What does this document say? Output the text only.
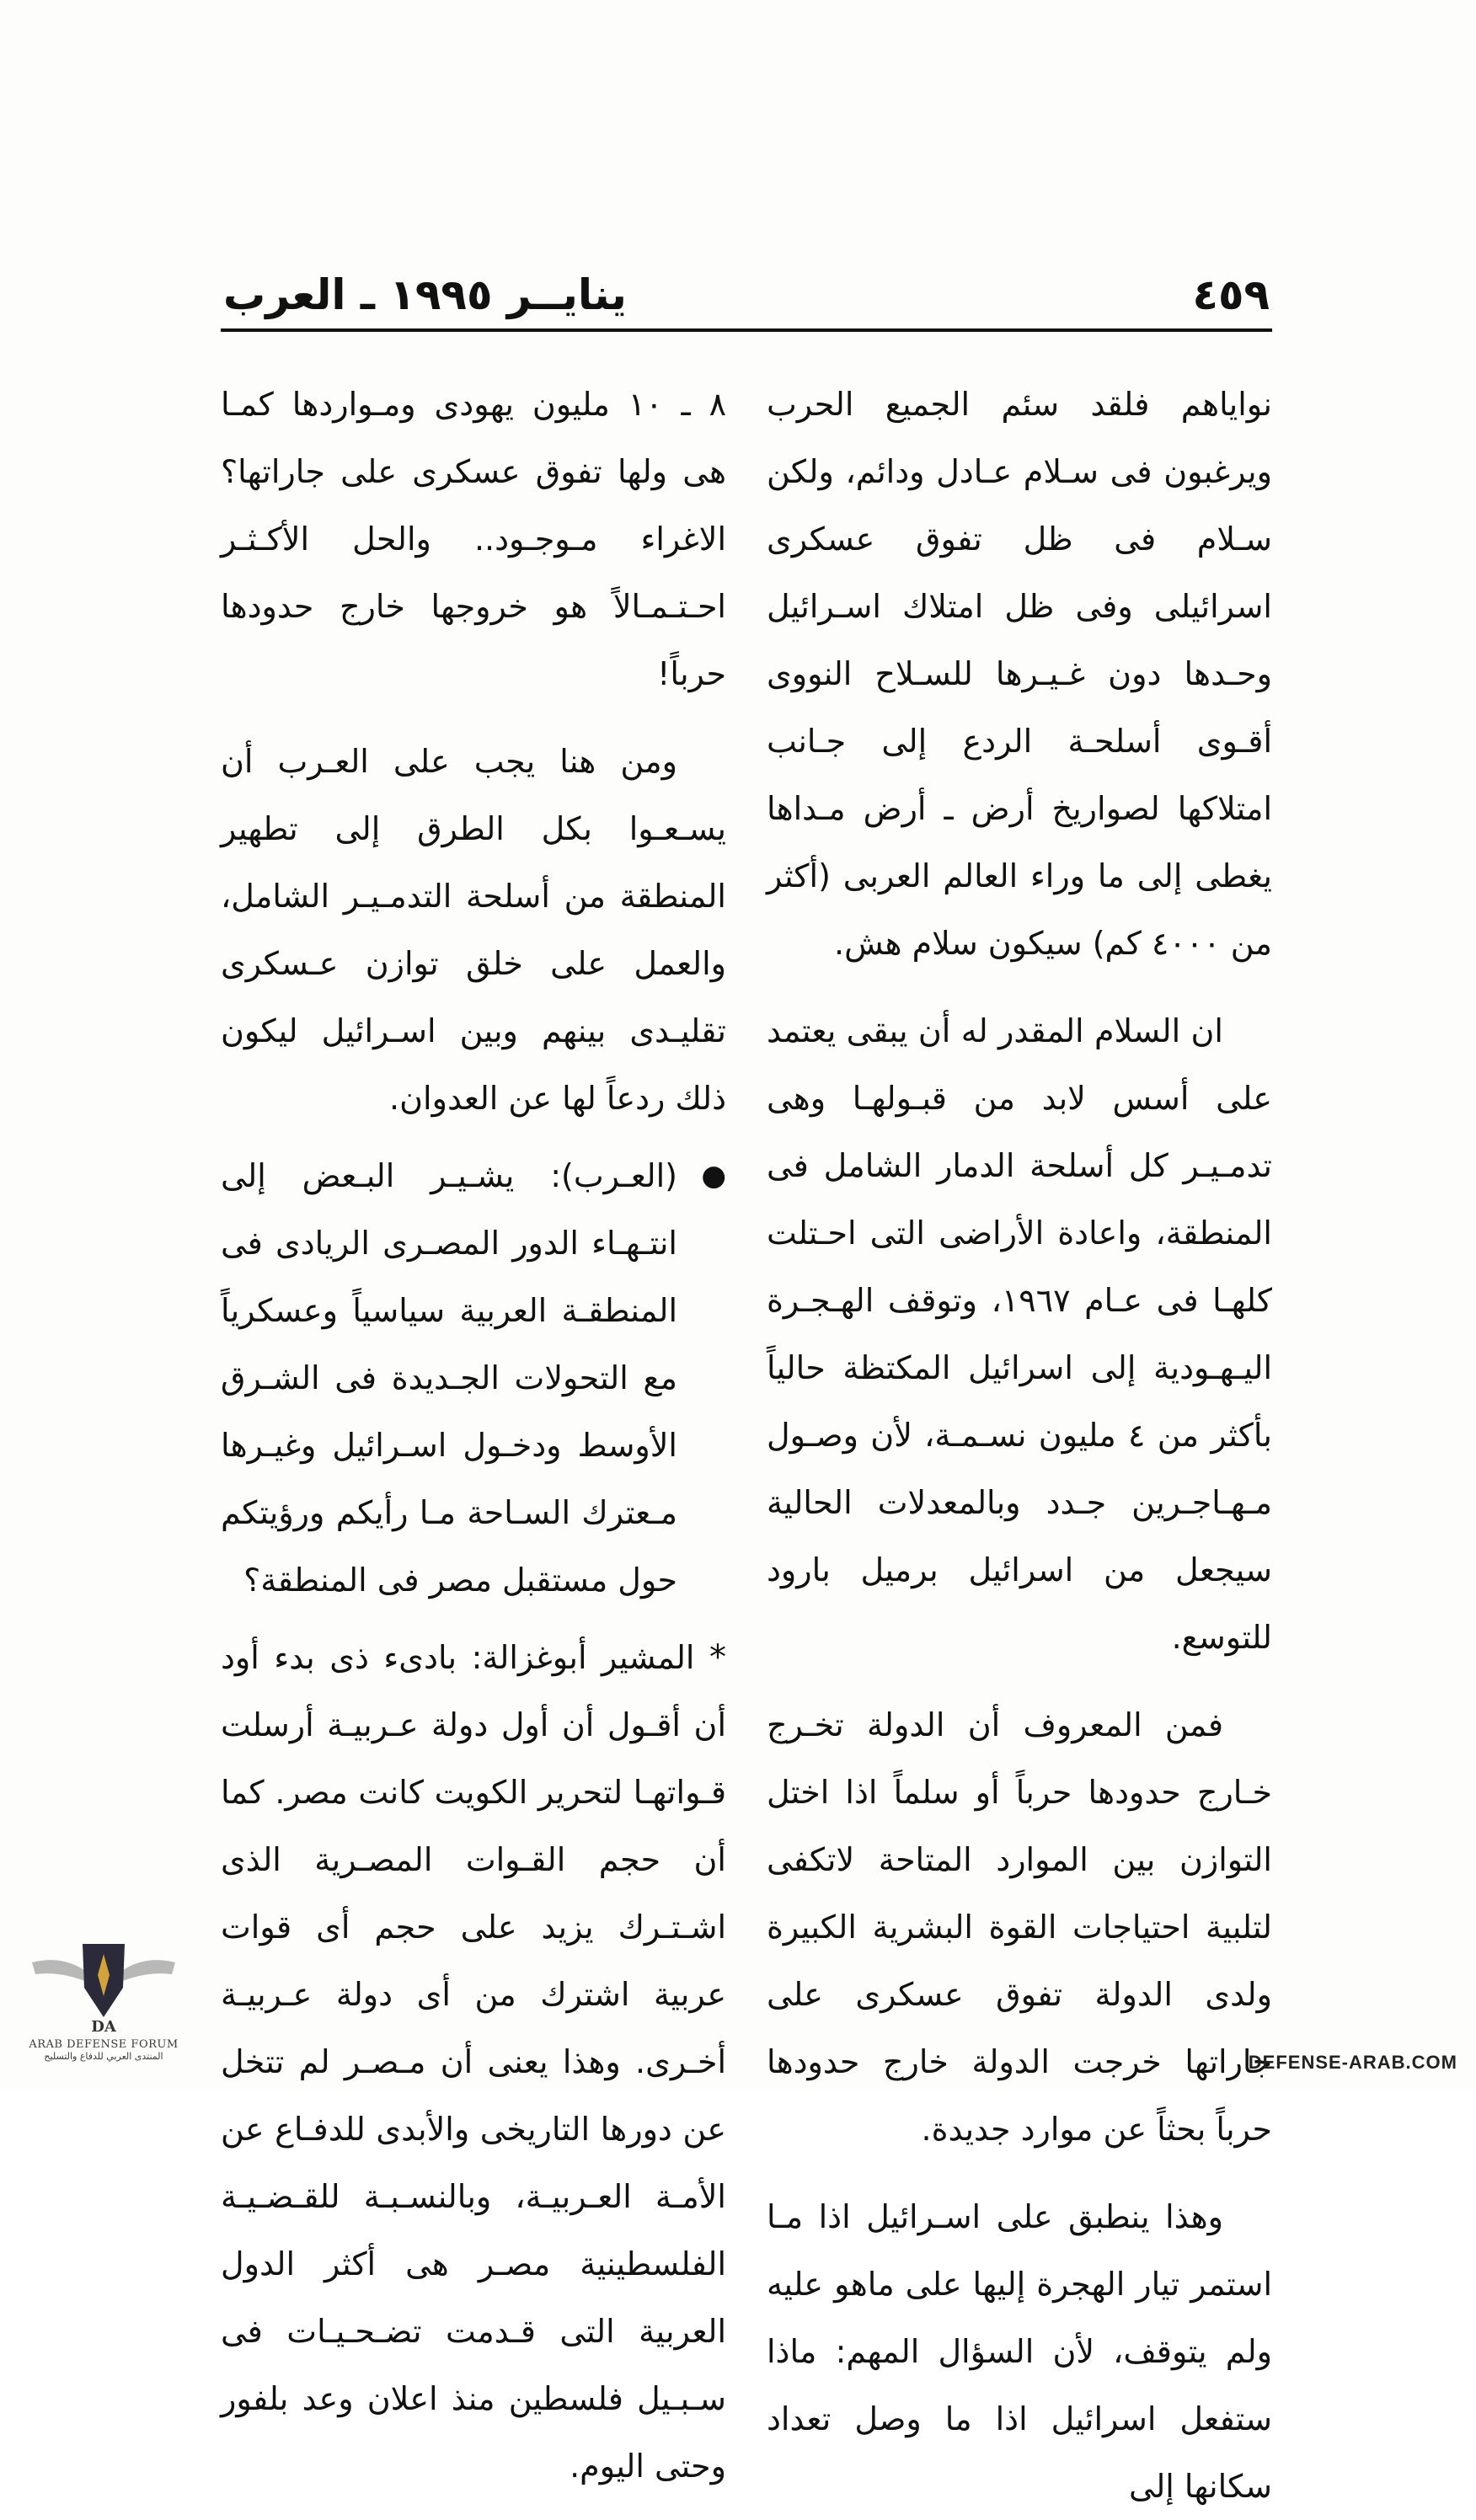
ينايــر ١٩٩٥ ـ العرب	٤٥٩

نواياهم فلقد سئم الجميع الحرب ويرغبون فى سـلام عـادل ودائم، ولكن سـلام فى ظل تفوق عسكرى اسرائيلى وفى ظل امتلاك اسـرائيل وحـدها دون غـيـرها للسـلاح النووى أقـوى أسلحـة الردع إلى جـانب امتلاكها لصواريخ أرض ـ أرض مـداها يغطى إلى ما وراء العالم العربى (أكثر من ٤٠٠٠ كم) سيكون سلام هش.

ان السلام المقدر له أن يبقى يعتمد على أسس لابد من قبـولهـا وهى تدمـيـر كل أسلحة الدمار الشامل فى المنطقة، واعادة الأراضى التى احـتلت كلهـا فى عـام ١٩٦٧، وتوقف الهـجـرة اليـهـودية إلى اسرائيل المكتظة حالياً بأكثر من ٤ مليون نسـمـة، لأن وصـول مـهـاجـرين جـدد وبالمعدلات الحالية سيجعل من اسرائيل برميل بارود للتوسع.

فمن المعروف أن الدولة تخـرج خـارج حدودها حرباً أو سلماً اذا اختل التوازن بين الموارد المتاحة لاتكفى لتلبية احتياجات القوة البشرية الكبيرة ولدى الدولة تفوق عسكرى على جاراتها خرجت الدولة خارج حدودها حرباً بحثاً عن موارد جديدة.

وهذا ينطبق على اسـرائيل اذا مـا استمر تيار الهجرة إليها على ماهو عليه ولم يتوقف، لأن السؤال المهم: ماذا ستفعل اسرائيل اذا ما وصل تعداد سكانها إلى

٨ ـ ١٠ مليون يهودى ومـواردها كمـا هى ولها تفوق عسكرى على جاراتها؟ الاغراء مـوجـود.. والحل الأكـثـر احـتـمـالاً هو خروجها خارج حدودها حرباً!

ومن هنا يجب على العـرب أن يسـعـوا بكل الطرق إلى تطهير المنطقة من أسلحة التدمـيـر الشامل، والعمل على خلق توازن عـسكرى تقليـدى بينهم وبين اسـرائيل ليكون ذلك ردعاً لها عن العدوان.

●
(العـرب): يشـيـر البـعض إلى انتـهـاء الدور المصـرى الريادى فى المنطقـة العربية سياسياً وعسكرياً مع التحولات الجـديدة فى الشـرق الأوسط ودخـول اسـرائيل وغيـرها مـعترك السـاحة مـا رأيكم ورؤيتكم حول مستقبل مصر فى المنطقة؟

* المشير أبوغزالة: بادىء ذى بدء أود أن أقـول أن أول دولة عـربيـة أرسلت قـواتهـا لتحرير الكويت كانت مصر. كما أن حجم القـوات المصـرية الذى اشـتـرك يزيد على حجم أى قوات عربية اشترك من أى دولة عـربيـة أخـرى. وهذا يعنى أن مـصـر لم تتخل عن دورها التاريخى والأبدى للدفـاع عن الأمـة العـربيـة، وبالنسـبـة للقـضـيـة الفلسطينية مصـر هى أكثر الدول العربية التى قـدمت تضـحـيـات فى سـبـيل فلسطين منذ اعلان وعد بلفور وحتى اليوم.

DA
ARAB DEFENSE FORUM
المنتدى العربي للدفاع والتسليح	DEFENSE-ARAB.COM
